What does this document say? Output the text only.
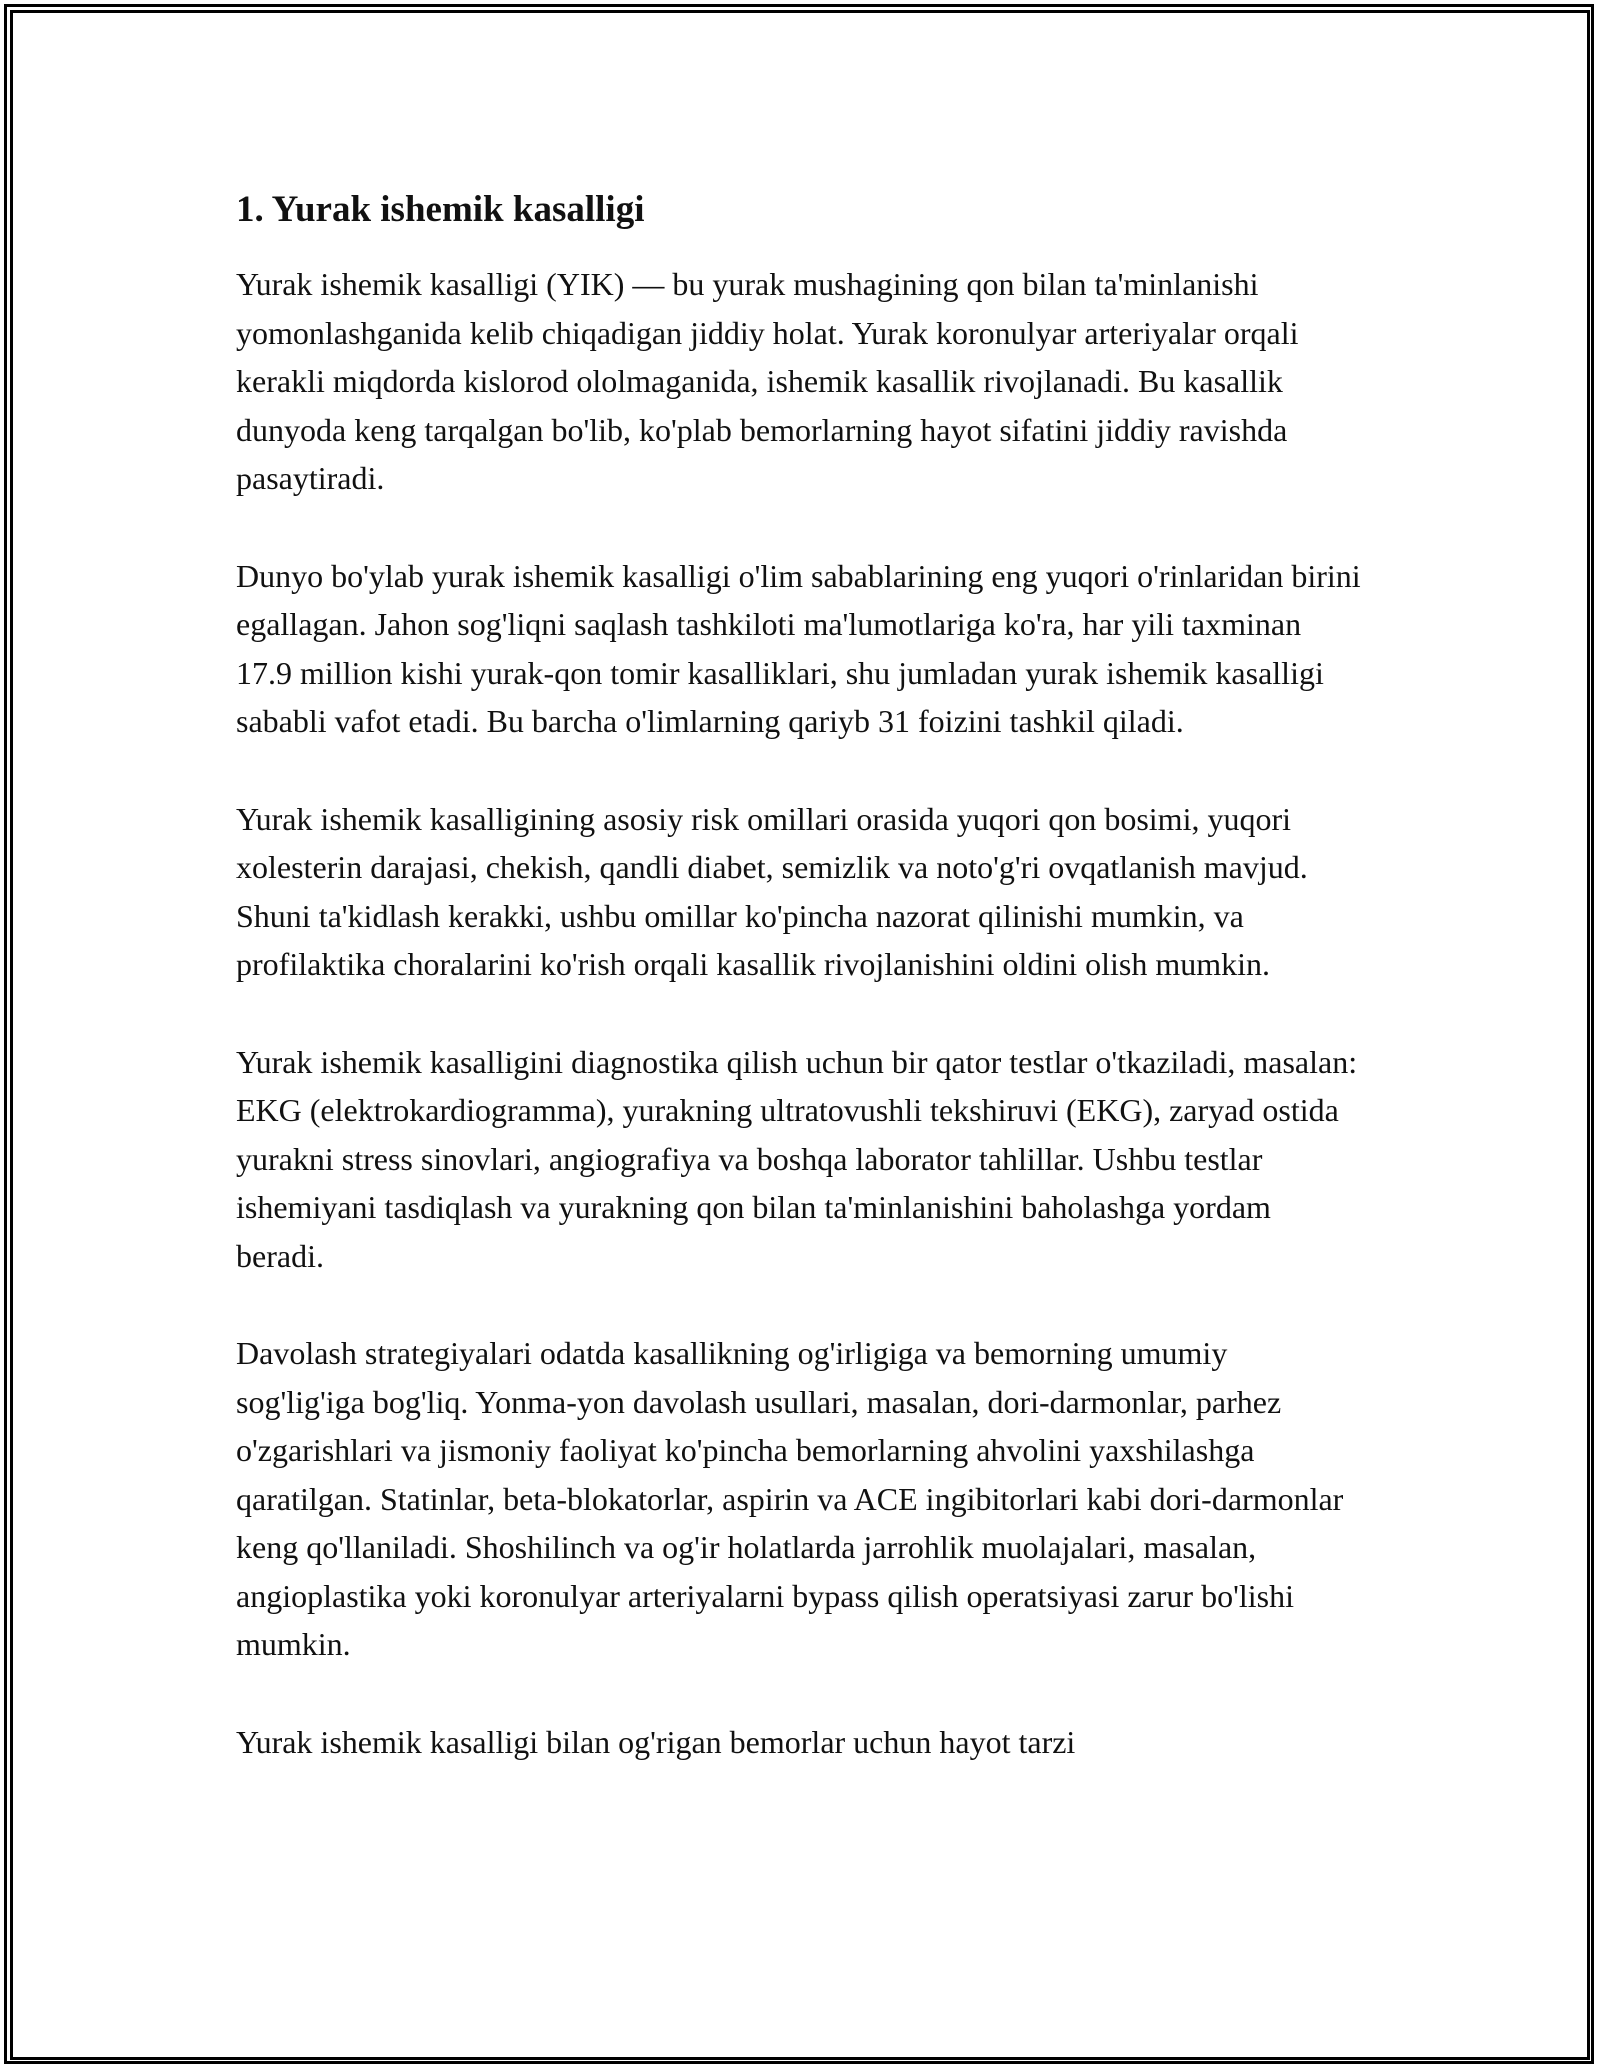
1. Yurak ishemik kasalligi

Yurak ishemik kasalligi (YIK) — bu yurak mushagining qon bilan ta'minlanishi yomonlashganida kelib chiqadigan jiddiy holat. Yurak koronulyar arteriyalar orqali kerakli miqdorda kislorod ololmaganida, ishemik kasallik rivojlanadi. Bu kasallik dunyoda keng tarqalgan bo'lib, ko'plab bemorlarning hayot sifatini jiddiy ravishda pasaytiradi.

Dunyo bo'ylab yurak ishemik kasalligi o'lim sabablarining eng yuqori o'rinlaridan birini egallagan. Jahon sog'liqni saqlash tashkiloti ma'lumotlariga ko'ra, har yili taxminan 17.9 million kishi yurak-qon tomir kasalliklari, shu jumladan yurak ishemik kasalligi sababli vafot etadi. Bu barcha o'limlarning qariyb 31 foizini tashkil qiladi.

Yurak ishemik kasalligining asosiy risk omillari orasida yuqori qon bosimi, yuqori xolesterin darajasi, chekish, qandli diabet, semizlik va noto'g'ri ovqatlanish mavjud. Shuni ta'kidlash kerakki, ushbu omillar ko'pincha nazorat qilinishi mumkin, va profilaktika choralarini ko'rish orqali kasallik rivojlanishini oldini olish mumkin.

Yurak ishemik kasalligini diagnostika qilish uchun bir qator testlar o'tkaziladi, masalan: EKG (elektrokardiogramma), yurakning ultratovushli tekshiruvi (EKG), zaryad ostida yurakni stress sinovlari, angiografiya va boshqa laborator tahlillar. Ushbu testlar ishemiyani tasdiqlash va yurakning qon bilan ta'minlanishini baholashga yordam beradi.

Davolash strategiyalari odatda kasallikning og'irligiga va bemorning umumiy sog'lig'iga bog'liq. Yonma-yon davolash usullari, masalan, dori-darmonlar, parhez o'zgarishlari va jismoniy faoliyat ko'pincha bemorlarning ahvolini yaxshilashga qaratilgan. Statinlar, beta-blokatorlar, aspirin va ACE ingibitorlari kabi dori-darmonlar keng qo'llaniladi. Shoshilinch va og'ir holatlarda jarrohlik muolajalari, masalan, angioplastika yoki koronulyar arteriyalarni bypass qilish operatsiyasi zarur bo'lishi mumkin.

Yurak ishemik kasalligi bilan og'rigan bemorlar uchun hayot tarzi
